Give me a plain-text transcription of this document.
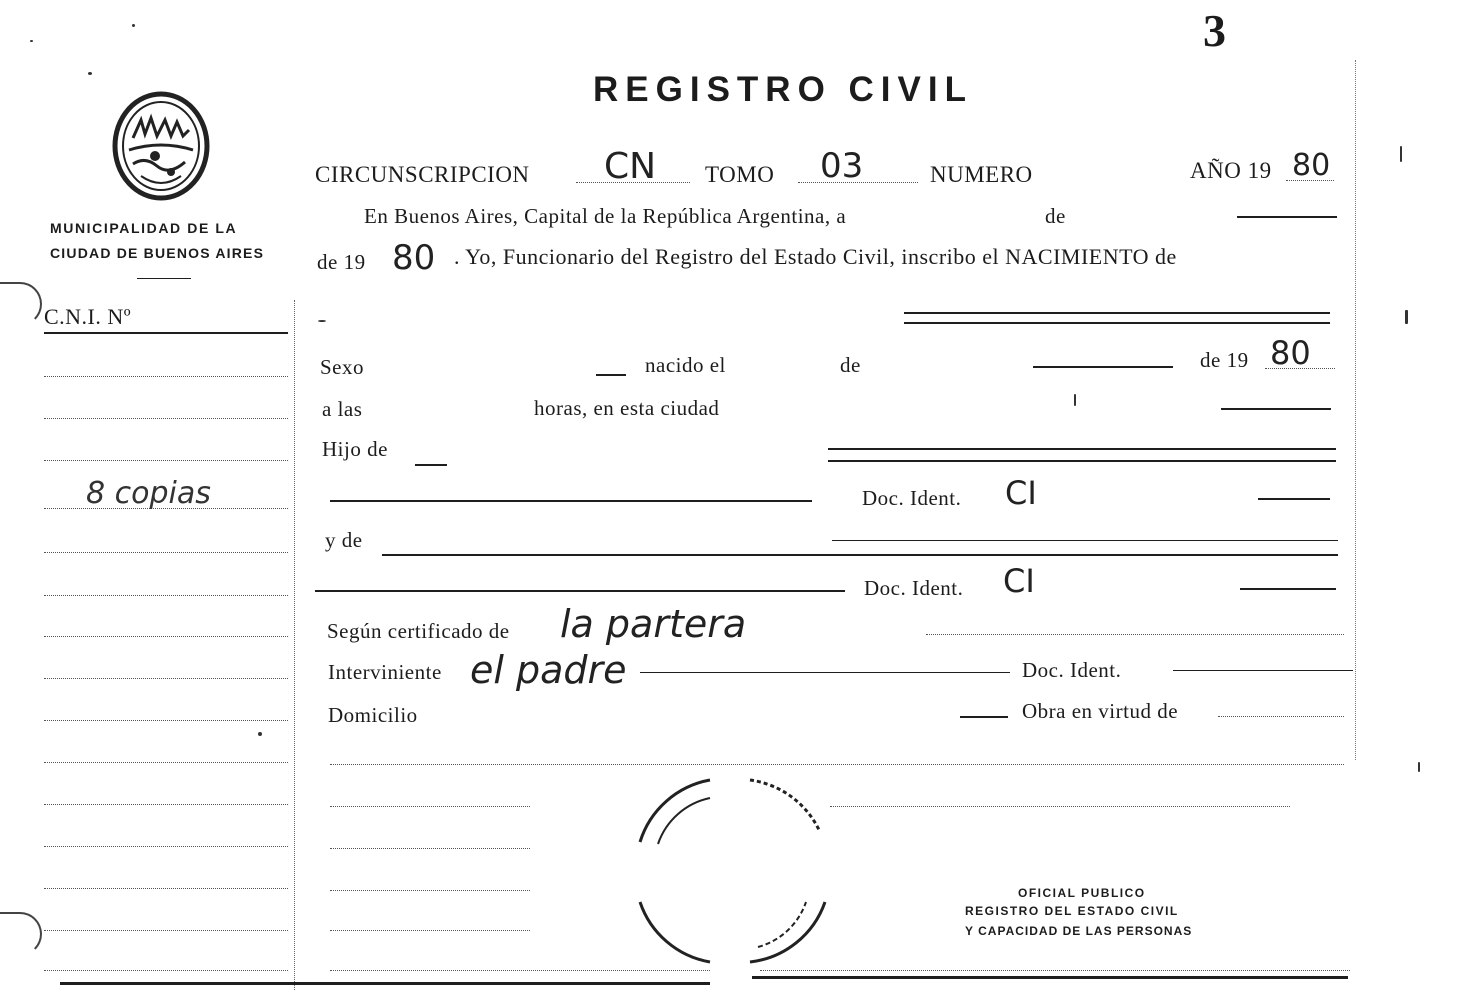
3
REGISTRO CIVIL
MUNICIPALIDAD DE LA
CIUDAD DE BUENOS AIRES
C.N.I. Nº
8 copias
CIRCUNSCRIPCION CN TOMO 03	NUMERO	AÑO 19 80
En Buenos Aires, Capital de la República Argentina, a	de
de 19 80 . Yo, Funcionario del Registro del Estado Civil, inscribo el NACIMIENTO de
Sexo	nacido el	de	de 19 80
a las	horas, en esta ciudad
Hijo de
Doc. Ident. CI
y de
Doc. Ident. CI
Según certificado de la partera
Interviniente el padre	Doc. Ident.
Domicilio	Obra en virtud de
OFICIAL PUBLICO
REGISTRO DEL ESTADO CIVIL
Y CAPACIDAD DE LAS PERSONAS
